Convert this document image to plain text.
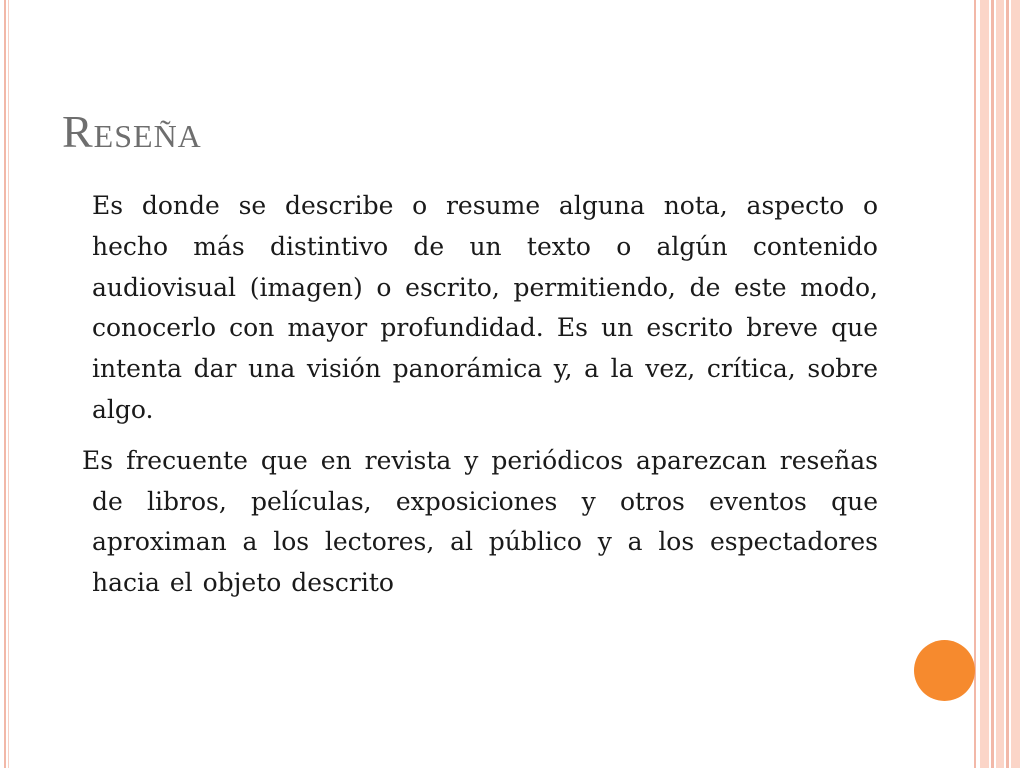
Reseña

Es donde se describe o resume alguna nota, aspecto o hecho más distintivo de un texto o algún contenido audiovisual (imagen) o escrito, permitiendo, de este modo, conocerlo con mayor profundidad. Es un escrito breve que intenta dar una visión panorámica y, a la vez, crítica, sobre algo.

Es frecuente que en revista y periódicos aparezcan reseñas de libros, películas, exposiciones y otros eventos que aproximan a los lectores, al público y a los espectadores hacia el objeto descrito
